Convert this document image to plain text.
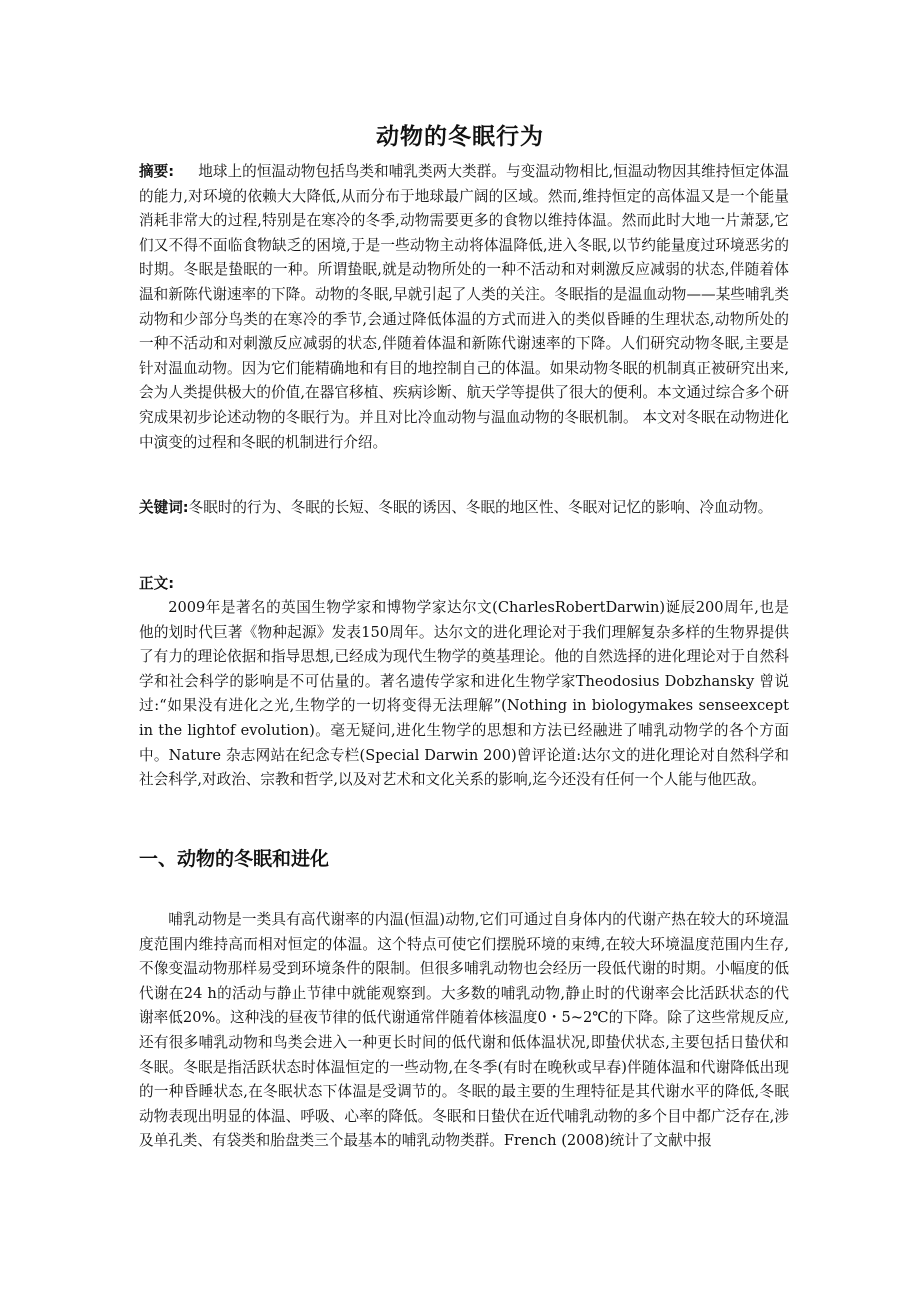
动物的冬眠行为
摘要: 地球上的恒温动物包括鸟类和哺乳类两大类群。与变温动物相比,恒温动物因其维持恒定体温的能力,对环境的依赖大大降低,从而分布于地球最广阔的区域。然而,维持恒定的高体温又是一个能量消耗非常大的过程,特别是在寒冷的冬季,动物需要更多的食物以维持体温。然而此时大地一片萧瑟,它们又不得不面临食物缺乏的困境,于是一些动物主动将体温降低,进入冬眠,以节约能量度过环境恶劣的时期。冬眠是蛰眠的一种。所谓蛰眠,就是动物所处的一种不活动和对刺激反应减弱的状态,伴随着体温和新陈代谢速率的下降。动物的冬眠,早就引起了人类的关注。冬眠指的是温血动物——某些哺乳类动物和少部分鸟类的在寒冷的季节,会通过降低体温的方式而进入的类似昏睡的生理状态,动物所处的一种不活动和对刺激反应减弱的状态,伴随着体温和新陈代谢速率的下降。人们研究动物冬眠,主要是针对温血动物。因为它们能精确地和有目的地控制自己的体温。如果动物冬眠的机制真正被研究出来,会为人类提供极大的价值,在器官移植、疾病诊断、航天学等提供了很大的便利。本文通过综合多个研究成果初步论述动物的冬眠行为。并且对比冷血动物与温血动物的冬眠机制。 本文对冬眠在动物进化中演变的过程和冬眠的机制进行介绍。
关键词:冬眠时的行为、冬眠的长短、冬眠的诱因、冬眠的地区性、冬眠对记忆的影响、冷血动物。
正文:
2009年是著名的英国生物学家和博物学家达尔文(CharlesRobertDarwin)诞辰200周年,也是他的划时代巨著《物种起源》发表150周年。达尔文的进化理论对于我们理解复杂多样的生物界提供了有力的理论依据和指导思想,已经成为现代生物学的奠基理论。他的自然选择的进化理论对于自然科学和社会科学的影响是不可估量的。著名遗传学家和进化生物学家Theodosius Dobzhansky 曾说过:“如果没有进化之光,生物学的一切将变得无法理解”(Nothing in biologymakes senseexcept in the lightof evolution)。毫无疑问,进化生物学的思想和方法已经融进了哺乳动物学的各个方面中。Nature 杂志网站在纪念专栏(Special Darwin 200)曾评论道:达尔文的进化理论对自然科学和社会科学,对政治、宗教和哲学,以及对艺术和文化关系的影响,迄今还没有任何一个人能与他匹敌。
一、动物的冬眠和进化
哺乳动物是一类具有高代谢率的内温(恒温)动物,它们可通过自身体内的代谢产热在较大的环境温度范围内维持高而相对恒定的体温。这个特点可使它们摆脱环境的束缚,在较大环境温度范围内生存,不像变温动物那样易受到环境条件的限制。但很多哺乳动物也会经历一段低代谢的时期。小幅度的低代谢在24 h的活动与静止节律中就能观察到。大多数的哺乳动物,静止时的代谢率会比活跃状态的代谢率低20%。这种浅的昼夜节律的低代谢通常伴随着体核温度0・5~2℃的下降。除了这些常规反应,还有很多哺乳动物和鸟类会进入一种更长时间的低代谢和低体温状况,即蛰伏状态,主要包括日蛰伏和冬眠。冬眠是指活跃状态时体温恒定的一些动物,在冬季(有时在晚秋或早春)伴随体温和代谢降低出现的一种昏睡状态,在冬眠状态下体温是受调节的。冬眠的最主要的生理特征是其代谢水平的降低,冬眠动物表现出明显的体温、呼吸、心率的降低。冬眠和日蛰伏在近代哺乳动物的多个目中都广泛存在,涉及单孔类、有袋类和胎盘类三个最基本的哺乳动物类群。French (2008)统计了文献中报
